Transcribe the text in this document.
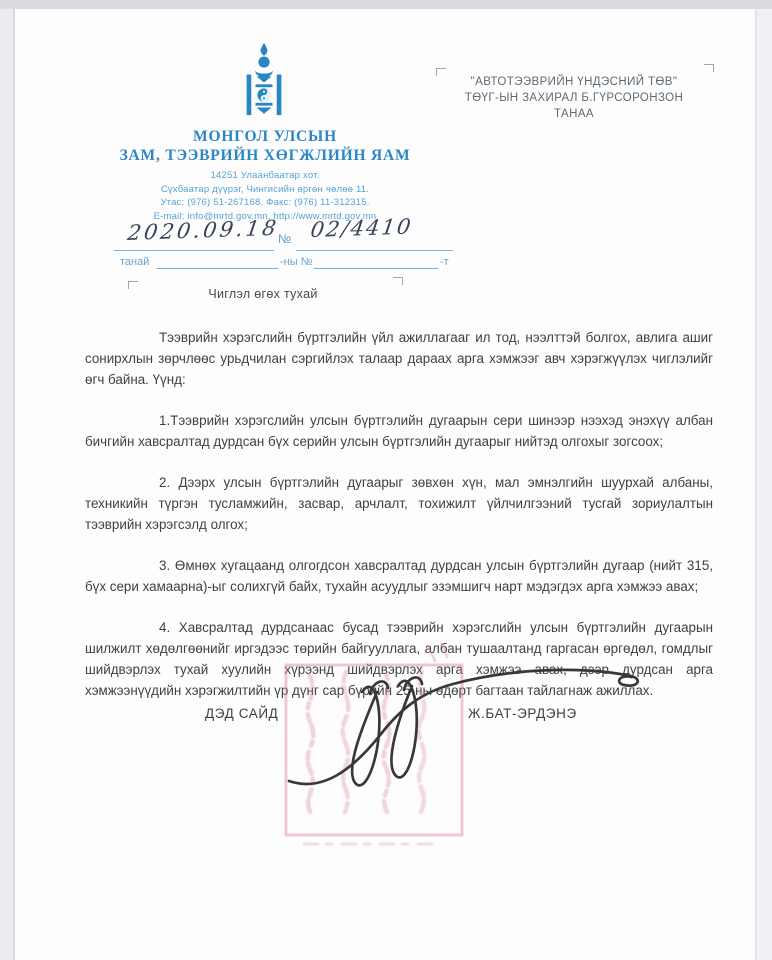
МОНГОЛ УЛСЫН
ЗАМ, ТЭЭВРИЙН ХӨГЖЛИЙН ЯАМ
14251 Улаанбаатар хот.
Сүхбаатар дүүрэг, Чингисийн өргөн чөлөө 11.
Утас: (976) 51-267168. Факс: (976) 11-312315.
E-mail: info@mrtd.gov.mn, http://www.mrtd.gov.mn
"АВТОТЭЭВРИЙН ҮНДЭСНИЙ ТӨВ"
ТӨҮГ-ЫН ЗАХИРАЛ Б.ГҮРСОРОНЗОН
ТАНАА
2020.09.18
№ 02/4410
танай	-ны №	-т
Чиглэл өгөх тухай

Тээврийн хэрэгслийн бүртгэлийн үйл ажиллагааг ил тод, нээлттэй болгох, авлига ашиг сонирхлын зөрчлөөс урьдчилан сэргийлэх талаар дараах арга хэмжээг авч хэрэгжүүлэх чиглэлийг өгч байна. Үүнд:

1.Тээврийн хэрэгслийн улсын бүртгэлийн дугаарын сери шинээр нээхэд энэхүү албан бичгийн хавсралтад дурдсан бүх серийн улсын бүртгэлийн дугаарыг нийтэд олгохыг зогсоох;

2. Дээрх улсын бүртгэлийн дугаарыг зөвхөн хүн, мал эмнэлгийн шуурхай албаны, техникийн түргэн тусламжийн, засвар, арчлалт, тохижилт үйлчилгээний тусгай зориулалтын тээврийн хэрэгсэлд олгох;

3. Өмнөх хугацаанд олгогдсон хавсралтад дурдсан улсын бүртгэлийн дугаар (нийт 315, бүх сери хамаарна)-ыг солихгүй байх, тухайн асуудлыг эзэмшигч нарт мэдэгдэх арга хэмжээ авах;

4. Хавсралтад дурдсанаас бусад тээврийн хэрэгслийн улсын бүртгэлийн дугаарын шилжилт хөдөлгөөнийг иргэдээс төрийн байгууллага, албан тушаалтанд гаргасан өргөдөл, гомдлыг шийдвэрлэх тухай хуулийн хүрээнд шийдвэрлэх арга хэмжээ авах, дээр дурдсан арга хэмжээнүүдийн хэрэгжилтийн үр дүнг сар бүрийн 25-ны өдөрт багтаан тайлагнаж ажиллах.

ДЭД САЙД	Ж.БАТ-ЭРДЭНЭ
